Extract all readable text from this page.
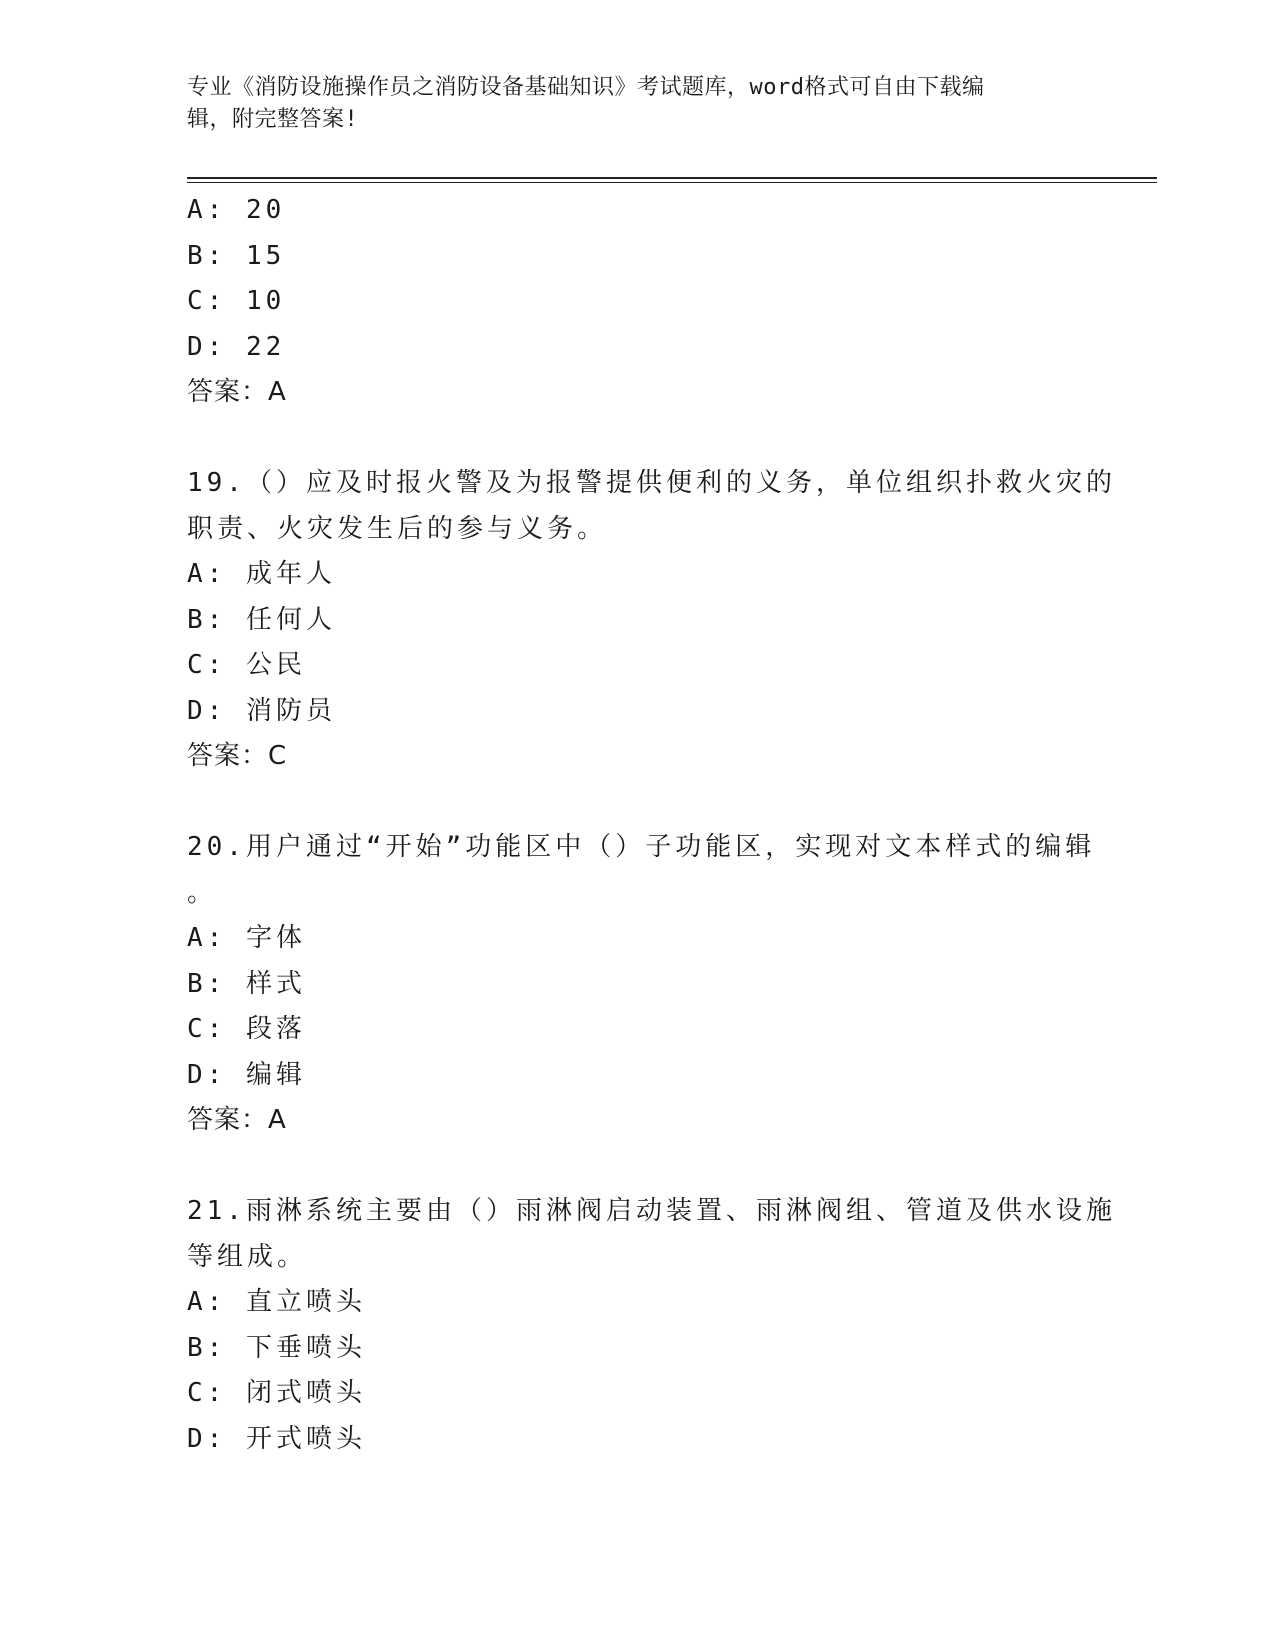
专业《消防设施操作员之消防设备基础知识》考试题库，word格式可自由下载编
辑，附完整答案!
A: 20
B: 15
C: 10
D: 22
答案：A
19.（）应及时报火警及为报警提供便利的义务，单位组织扑救火灾的
职责、火灾发生后的参与义务。
A: 成年人
B: 任何人
C: 公民
D: 消防员
答案：C
20.用户通过“开始”功能区中（）子功能区，实现对文本样式的编辑
。
A: 字体
B: 样式
C: 段落
D: 编辑
答案：A
21.雨淋系统主要由（）雨淋阀启动装置、雨淋阀组、管道及供水设施
等组成。
A: 直立喷头
B: 下垂喷头
C: 闭式喷头
D: 开式喷头
